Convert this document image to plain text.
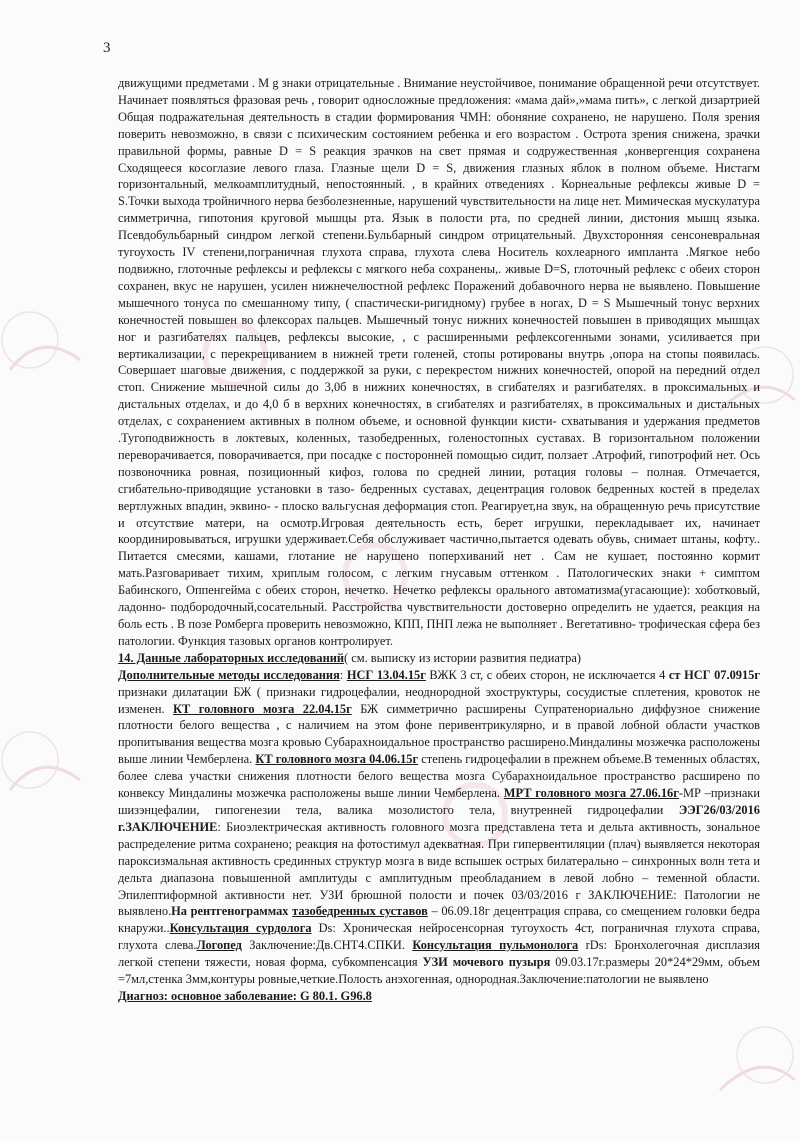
3

движущими предметами . M g знаки отрицательные . Внимание неустойчивое, понимание обращенной речи отсутствует. Начинает появляться фразовая речь , говорит односложные предложения: «мама дай»,»мама пить», с легкой дизартрией Общая подражательная деятельность в стадии формирования ЧМН: обоняние сохранено, не нарушено. Поля зрения поверить невозможно, в связи с психическим состоянием ребенка и его возрастом . Острота зрения снижена, зрачки правильной формы, равные D = S реакция зрачков на свет прямая и содружественная ,конвергенция сохранена Сходящееся косоглазие левого глаза. Глазные щели D = S, движения глазных яблок в полном объеме. Нистагм горизонтальный, мелкоамплитудный, непостоянный. , в крайних отведениях . Корнеальные рефлексы живые D = S.Точки выхода тройничного нерва безболезненные, нарушений чувствительности на лице нет. Мимическая мускулатура симметрична, гипотония круговой мышцы рта. Язык в полости рта, по средней линии, дистония мышц языка. Псевдобульбарный синдром легкой степени.Бульбарный синдром отрицательный. Двухсторонняя сенсоневральная тугоухость IV степени,пограничная глухота справа, глухота слева Носитель кохлеарного импланта .Мягкое небо подвижно, глоточные рефлексы и рефлексы с мягкого неба сохранены,. живые D=S, глоточный рефлекс с обеих сторон сохранен, вкус не нарушен, усилен нижнечелюстной рефлекс Поражений добавочного нерва не выявлено. Повышение мышечного тонуса по смешанному типу, ( спастически-ригидному) грубее в ногах, D = S Мышечный тонус верхних конечностей повышен во флексорах пальцев. Мышечный тонус нижних конечностей повышен в приводящих мышцах ног и разгибателях пальцев, рефлексы высокие, , с расширенными рефлексогенными зонами, усиливается при вертикализации, с перекрещиванием в нижней трети голеней, стопы ротированы внутрь ,опора на стопы появилась. Совершает шаговые движения, с поддержкой за руки, с перекрестом нижних конечностей, опорой на передний отдел стоп. Снижение мышечной силы до 3,0б в нижних конечностях, в сгибателях и разгибателях. в проксимальных и дистальных отделах, и до 4,0 б в верхних конечностях, в сгибателях и разгибателях, в проксимальных и дистальных отделах, с сохранением активных в полном объеме, и основной функции кисти- схватывания и удержания предметов .Тугоподвижность в локтевых, коленных, тазобедренных, голеностопных суставах. В горизонтальном положении переворачивается, поворачивается, при посадке с посторонней помощью сидит, ползает .Атрофий, гипотрофий нет. Ось позвоночника ровная, позиционный кифоз, голова по средней линии, ротация головы – полная. Отмечается, сгибательно-приводящие установки в тазо- бедренных суставах, децентрация головок бедренных костей в пределах вертлужных впадин, эквино- - плоско вальгусная деформация стоп. Реагирует,на звук, на обращенную речь присутствие и отсутствие матери, на осмотр.Игровая деятельность есть, берет игрушки, перекладывает их, начинает координировываться, игрушки удерживает.Себя обслуживает частично,пытается одевать обувь, снимает штаны, кофту.. Питается смесями, кашами, глотание не нарушено поперхиваний нет . Сам не кушает, постоянно кормит мать.Разговаривает тихим, хриплым голосом, с легким гнусавым оттенком . Патологических знаки + симптом Бабинского, Оппенгейма с обеих сторон, нечетко. Нечетко рефлексы орального автоматизма(угасающие): хоботковый, ладонно- подбородочный,сосательный. Расстройства чувствительности достоверно определить не удается, реакция на боль есть . В позе Ромберга проверить невозможно, КПП, ПНП лежа не выполняет . Вегетативно- трофическая сфера без патологии. Функция тазовых органов контролирует.

14. Данные лабораторных исследований( см. выписку из истории развития педиатра)

Дополнительные методы исследования: НСГ 13.04.15г ВЖК 3 ст, с обеих сторон, не исключается 4 ст НСГ 07.0915г признаки дилатации БЖ ( признаки гидроцефалии, неоднородной эхоструктуры, сосудистые сплетения, кровоток не изменен. КТ головного мозга 22.04.15г БЖ симметрично расширены Супратенориально диффузное снижение плотности белого вещества , с наличием на этом фоне перивентрикулярно, и в правой лобной области участков пропитывания вещества мозга кровью Субарахноидальное пространство расширено.Миндалины мозжечка расположены выше линии Чемберлена. КТ головного мозга 04.06.15г степень гидроцефалии в прежнем объеме.В теменных областях, более слева участки снижения плотности белого вещества мозга Субарахноидальное пространство расширено по конвексу Миндалины мозжечка расположены выше линии Чемберлена. МРТ головного мозга 27.06.16г-МР –признаки шизэнцефалии, гипогенезии тела, валика мозолистого тела, внутренней гидроцефалии ЭЭГ26/03/2016 г.ЗАКЛЮЧЕНИЕ: Биоэлектрическая активность головного мозга представлена тета и дельта активность, зональное распределение ритма сохранено; реакция на фотостимул адекватная. При гипервентиляции (плач) выявляется некоторая пароксизмальная активность срединных структур мозга в виде вспышек острых билатерально – синхронных волн тета и дельта диапазона повышенной амплитуды с амплитудным преобладанием в левой лобно – теменной области. Эпилептиформной активности нет. УЗИ брюшной полости и почек 03/03/2016 г ЗАКЛЮЧЕНИЕ: Патологии не выявлено.На рентгенограммах тазобедренных суставов – 06.09.18г децентрация справа, со смещением головки бедра кнаружи..Консультация сурдолога Ds: Хроническая нейросенсорная тугоухость 4ст, пограничная глухота справа, глухота слева.Логопед Заключение:Дв.СНТ4.СПКИ. Консультация пульмонолога rDs: Бронхолегочная дисплазия легкой степени тяжести, новая форма, субкомпенсация УЗИ мочевого пузыря 09.03.17г.размеры 20*24*29мм, объем =7мл,стенка 3мм,контуры ровные,четкие.Полость анэхогенная, однородная.Заключение:патологии не выявлено

Диагноз: основное заболевание: G 80.1. G96.8
